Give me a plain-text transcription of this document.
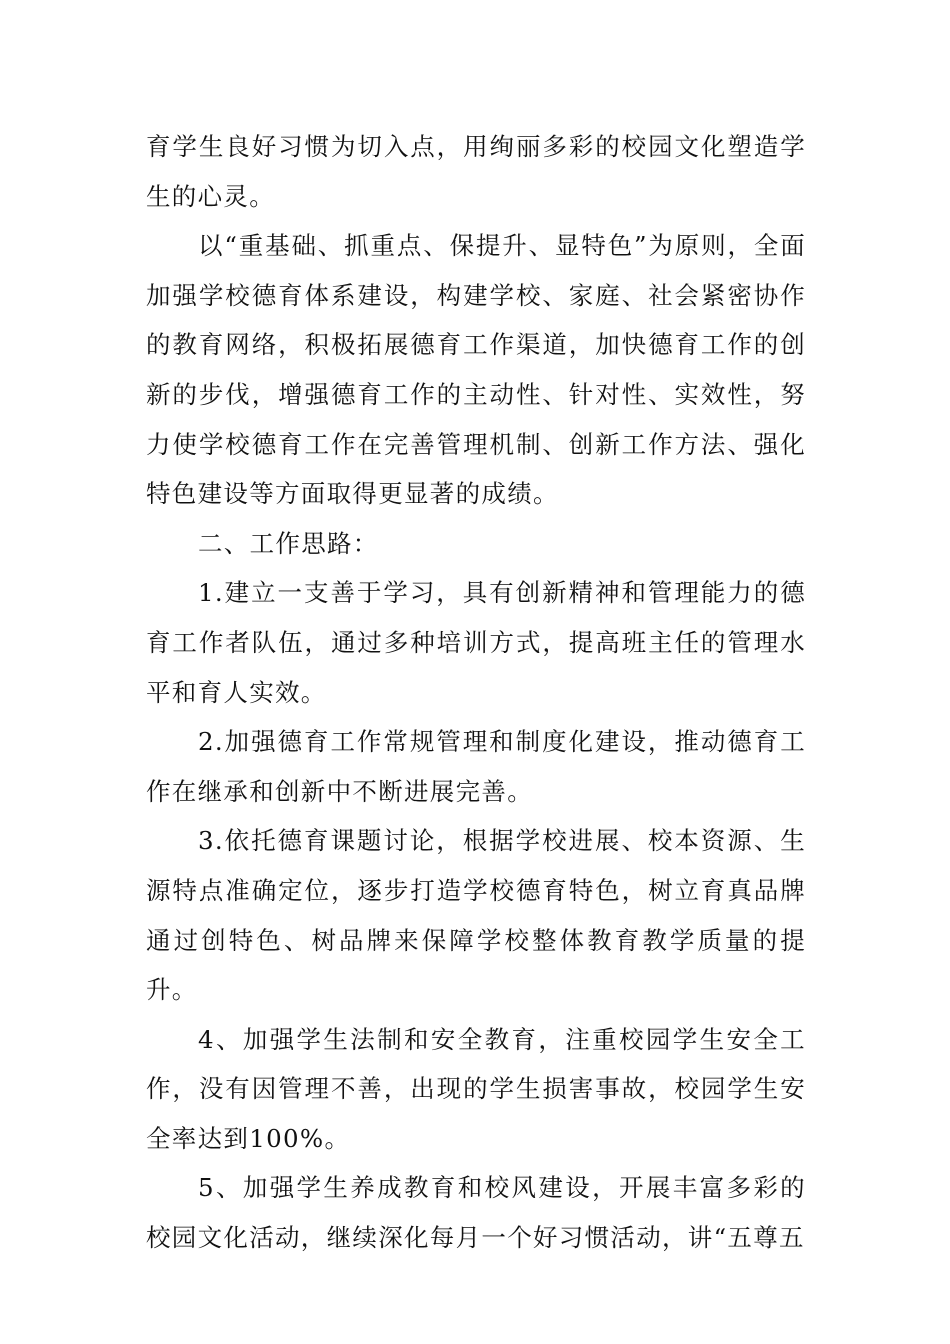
育学生良好习惯为切入点，用绚丽多彩的校园文化塑造学生的心灵。

以“重基础、抓重点、保提升、显特色”为原则，全面加强学校德育体系建设，构建学校、家庭、社会紧密协作的教育网络，积极拓展德育工作渠道，加快德育工作的创新的步伐，增强德育工作的主动性、针对性、实效性，努力使学校德育工作在完善管理机制、创新工作方法、强化特色建设等方面取得更显著的成绩。

二、工作思路：

1.建立一支善于学习，具有创新精神和管理能力的德育工作者队伍，通过多种培训方式，提高班主任的管理水平和育人实效。

2.加强德育工作常规管理和制度化建设，推动德育工作在继承和创新中不断进展完善。

3.依托德育课题讨论，根据学校进展、校本资源、生源特点准确定位，逐步打造学校德育特色，树立育真品牌通过创特色、树品牌来保障学校整体教育教学质量的提升。

4、加强学生法制和安全教育，注重校园学生安全工作，没有因管理不善，出现的学生损害事故，校园学生安全率达到100%。

5、加强学生养成教育和校风建设，开展丰富多彩的校园文化活动，继续深化每月一个好习惯活动，讲“五尊五
